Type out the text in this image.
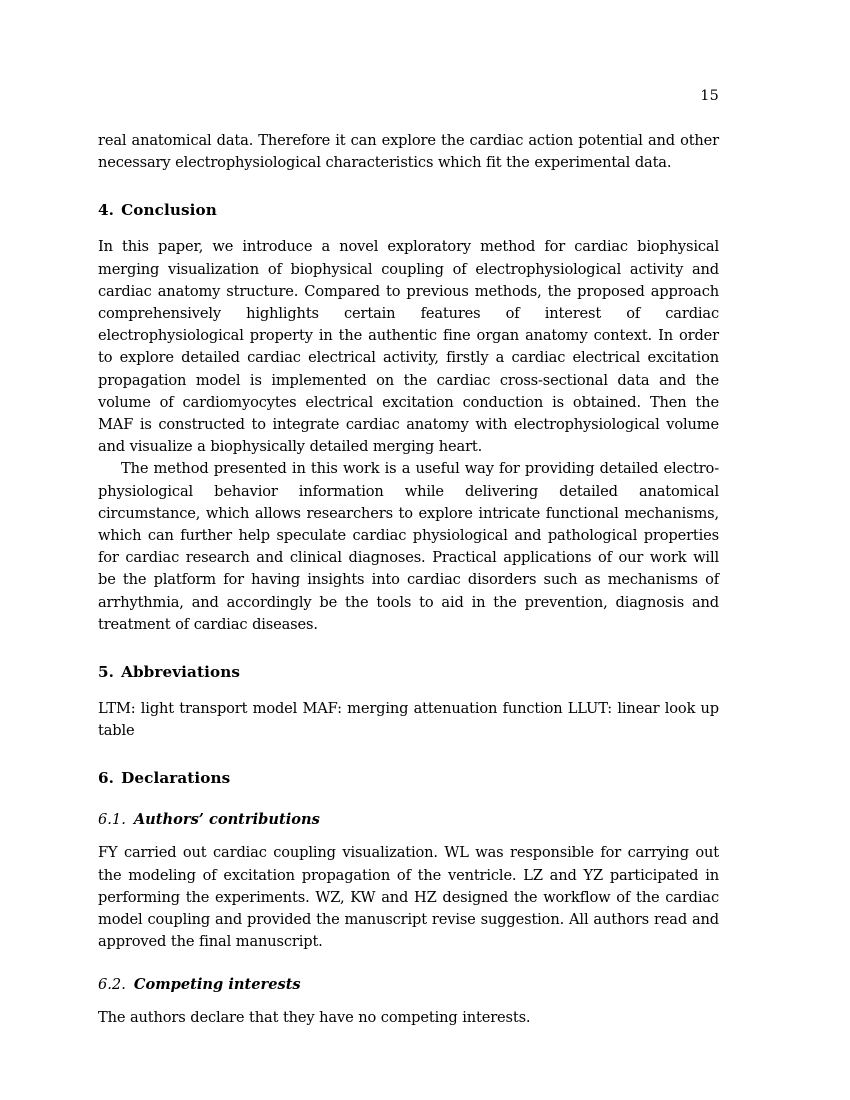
15

real anatomical data. Therefore it can explore the cardiac action potential and other necessary electrophysiological characteristics which fit the experimental data.

4. Conclusion

In this paper, we introduce a novel exploratory method for cardiac biophysical merging visualization of biophysical coupling of electrophysiological activity and cardiac anatomy structure. Compared to previous methods, the proposed approach comprehensively highlights certain features of interest of cardiac electrophysiological property in the authentic fine organ anatomy context. In order to explore detailed cardiac electrical activity, firstly a cardiac electrical excitation propagation model is implemented on the cardiac cross-sectional data and the volume of cardiomyocytes electrical excitation conduction is obtained. Then the MAF is constructed to integrate cardiac anatomy with electrophysiological volume and visualize a biophysically detailed merging heart.

The method presented in this work is a useful way for providing detailed electro-physiological behavior information while delivering detailed anatomical circumstance, which allows researchers to explore intricate functional mechanisms, which can further help speculate cardiac physiological and pathological properties for cardiac research and clinical diagnoses. Practical applications of our work will be the platform for having insights into cardiac disorders such as mechanisms of arrhythmia, and accordingly be the tools to aid in the prevention, diagnosis and treatment of cardiac diseases.

5. Abbreviations

LTM: light transport model MAF: merging attenuation function LLUT: linear look up table

6. Declarations
6.1. Authors’ contributions

FY carried out cardiac coupling visualization. WL was responsible for carrying out the modeling of excitation propagation of the ventricle. LZ and YZ participated in performing the experiments. WZ, KW and HZ designed the workflow of the cardiac model coupling and provided the manuscript revise suggestion. All authors read and approved the final manuscript.

6.2. Competing interests

The authors declare that they have no competing interests.
